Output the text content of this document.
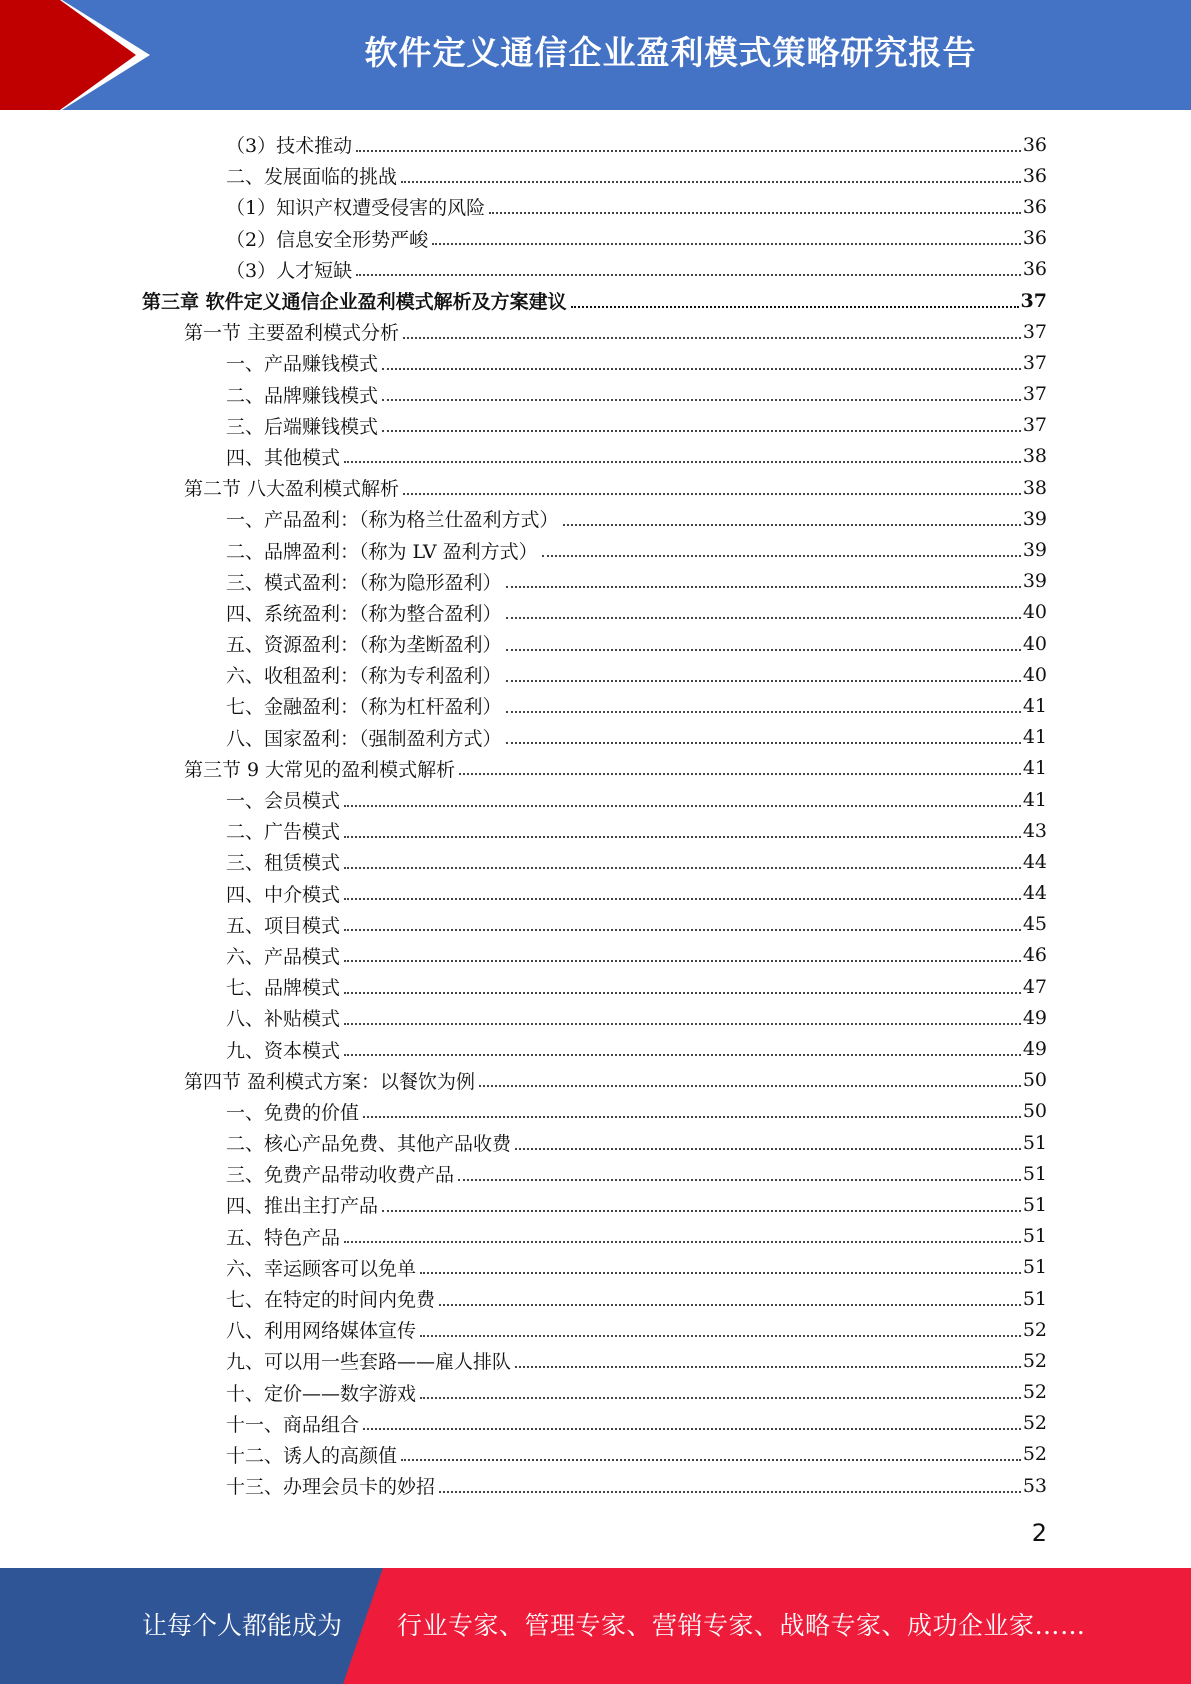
软件定义通信企业盈利模式策略研究报告
（3）技术推动	36
二、发展面临的挑战	36
（1）知识产权遭受侵害的风险	36
（2）信息安全形势严峻	36
（3）人才短缺	36
第三章 软件定义通信企业盈利模式解析及方案建议	37
第一节 主要盈利模式分析	37
一、产品赚钱模式	37
二、品牌赚钱模式	37
三、后端赚钱模式	37
四、其他模式	38
第二节 八大盈利模式解析	38
一、产品盈利：（称为格兰仕盈利方式）	39
二、品牌盈利：（称为 LV 盈利方式）	39
三、模式盈利：（称为隐形盈利）	39
四、系统盈利：（称为整合盈利）	40
五、资源盈利：（称为垄断盈利）	40
六、收租盈利：（称为专利盈利）	40
七、金融盈利：（称为杠杆盈利）	41
八、国家盈利：（强制盈利方式）	41
第三节 9 大常见的盈利模式解析	41
一、会员模式	41
二、广告模式	43
三、租赁模式	44
四、中介模式	44
五、项目模式	45
六、产品模式	46
七、品牌模式	47
八、补贴模式	49
九、资本模式	49
第四节 盈利模式方案：以餐饮为例	50
一、免费的价值	50
二、核心产品免费、其他产品收费	51
三、免费产品带动收费产品	51
四、推出主打产品	51
五、特色产品	51
六、幸运顾客可以免单	51
七、在特定的时间内免费	51
八、利用网络媒体宣传	52
九、可以用一些套路——雇人排队	52
十、定价——数字游戏	52
十一、商品组合	52
十二、诱人的高颜值	52
十三、办理会员卡的妙招	53
2
让每个人都能成为 行业专家、管理专家、营销专家、战略专家、成功企业家……
